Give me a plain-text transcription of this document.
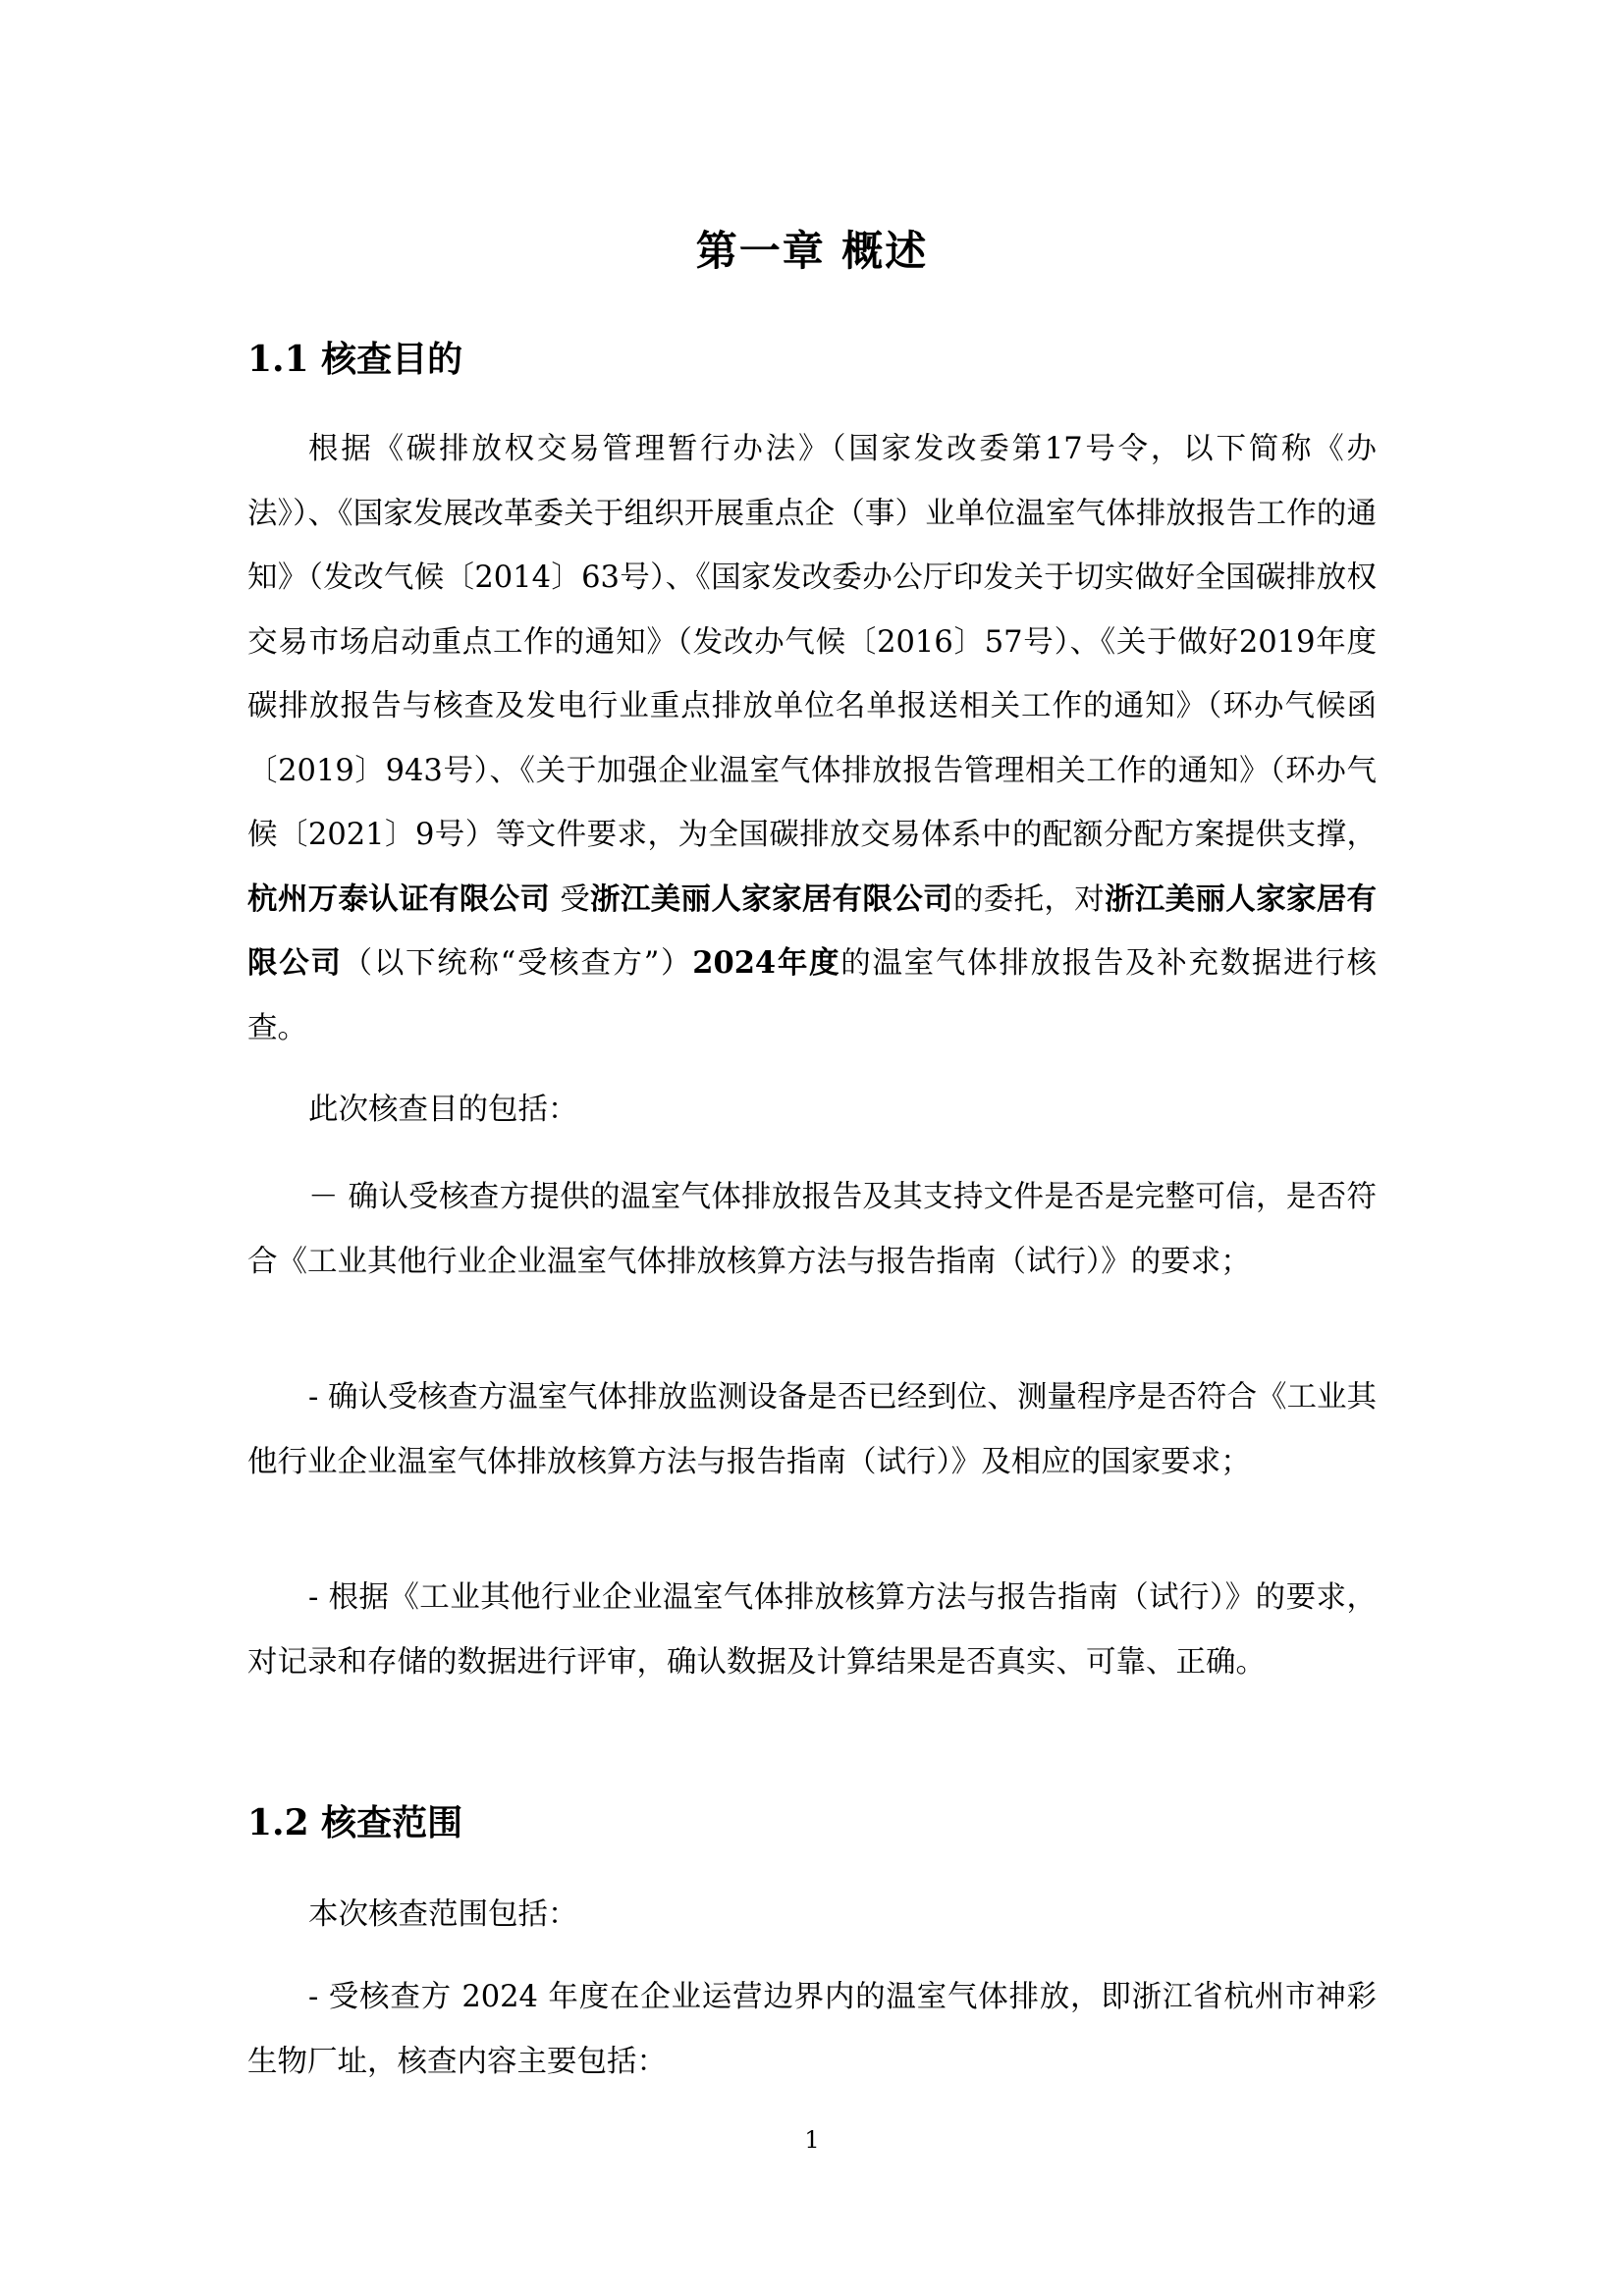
第一章 概述
1.1 核查目的

根据《碳排放权交易管理暂行办法》（国家发改委第17号令，以下简称《办法》）、《国家发展改革委关于组织开展重点企（事）业单位温室气体排放报告工作的通知》（发改气候〔2014〕63号）、《国家发改委办公厅印发关于切实做好全国碳排放权交易市场启动重点工作的通知》（发改办气候〔2016〕57号）、《关于做好2019年度碳排放报告与核查及发电行业重点排放单位名单报送相关工作的通知》（环办气候函〔2019〕943号）、《关于加强企业温室气体排放报告管理相关工作的通知》（环办气候〔2021〕9号）等文件要求，为全国碳排放交易体系中的配额分配方案提供支撑，杭州万泰认证有限公司 受浙江美丽人家家居有限公司的委托，对浙江美丽人家家居有限公司（以下统称“受核查方”）2024年度的温室气体排放报告及补充数据进行核查。

此次核查目的包括：

－ 确认受核查方提供的温室气体排放报告及其支持文件是否是完整可信，是否符合《工业其他行业企业温室气体排放核算方法与报告指南（试行）》的要求；

- 确认受核查方温室气体排放监测设备是否已经到位、测量程序是否符合《工业其他行业企业温室气体排放核算方法与报告指南（试行）》及相应的国家要求；

- 根据《工业其他行业企业温室气体排放核算方法与报告指南（试行）》的要求，对记录和存储的数据进行评审，确认数据及计算结果是否真实、可靠、正确。

1.2 核查范围

本次核查范围包括：

- 受核查方 2024 年度在企业运营边界内的温室气体排放，即浙江省杭州市神彩生物厂址，核查内容主要包括：

1
